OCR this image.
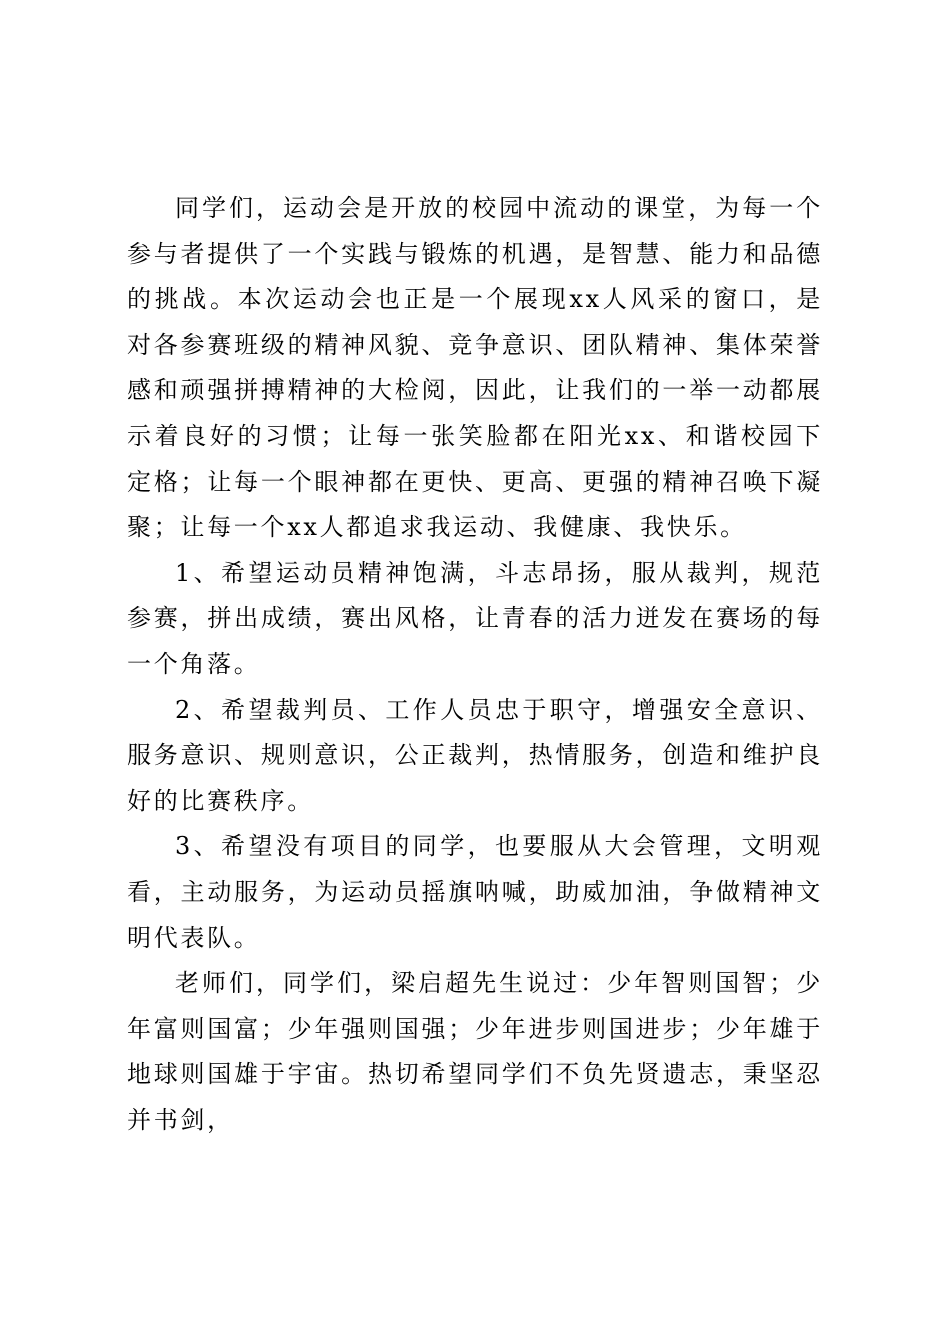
同学们，运动会是开放的校园中流动的课堂，为每一个参与者提供了一个实践与锻炼的机遇，是智慧、能力和品德的挑战。本次运动会也正是一个展现xx人风采的窗口，是对各参赛班级的精神风貌、竞争意识、团队精神、集体荣誉感和顽强拼搏精神的大检阅，因此，让我们的一举一动都展示着良好的习惯；让每一张笑脸都在阳光xx、和谐校园下定格；让每一个眼神都在更快、更高、更强的精神召唤下凝聚；让每一个xx人都追求我运动、我健康、我快乐。

1、希望运动员精神饱满，斗志昂扬，服从裁判，规范参赛，拼出成绩，赛出风格，让青春的活力迸发在赛场的每一个角落。

2、希望裁判员、工作人员忠于职守，增强安全意识、服务意识、规则意识，公正裁判，热情服务，创造和维护良好的比赛秩序。

3、希望没有项目的同学，也要服从大会管理，文明观看，主动服务，为运动员摇旗呐喊，助威加油，争做精神文明代表队。

老师们，同学们，梁启超先生说过：少年智则国智；少年富则国富；少年强则国强；少年进步则国进步；少年雄于地球则国雄于宇宙。热切希望同学们不负先贤遗志，秉坚忍并书剑，
